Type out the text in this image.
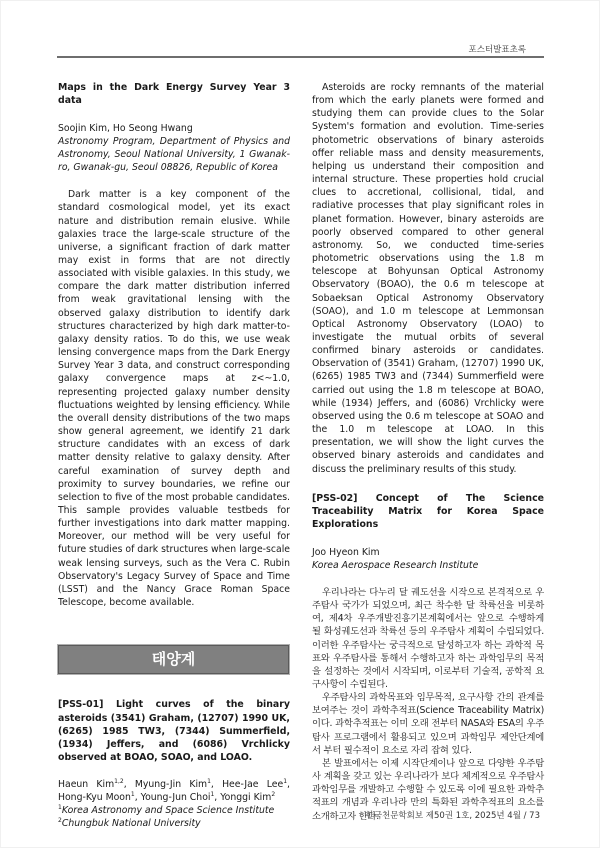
포스터발표초록

Maps in the Dark Energy Survey Year 3 data

Soojin Kim, Ho Seong Hwang

Astronomy Program, Department of Physics and Astronomy, Seoul National University, 1 Gwanak-ro, Gwanak-gu, Seoul 08826, Republic of Korea

Dark matter is a key component of the standard cosmological model, yet its exact nature and distribution remain elusive. While galaxies trace the large-scale structure of the universe, a significant fraction of dark matter may exist in forms that are not directly associated with visible galaxies. In this study, we compare the dark matter distribution inferred from weak gravitational lensing with the observed galaxy distribution to identify dark structures characterized by high dark matter-to-galaxy density ratios. To do this, we use weak lensing convergence maps from the Dark Energy Survey Year 3 data, and construct corresponding galaxy convergence maps at z<~1.0, representing projected galaxy number density fluctuations weighted by lensing efficiency. While the overall density distributions of the two maps show general agreement, we identify 21 dark structure candidates with an excess of dark matter density relative to galaxy density. After careful examination of survey depth and proximity to survey boundaries, we refine our selection to five of the most probable candidates. This sample provides valuable testbeds for further investigations into dark matter mapping. Moreover, our method will be very useful for future studies of dark structures when large-scale weak lensing surveys, such as the Vera C. Rubin Observatory's Legacy Survey of Space and Time (LSST) and the Nancy Grace Roman Space Telescope, become available.

태양계

[PSS-01] Light curves of the binary asteroids (3541) Graham, (12707) 1990 UK, (6265) 1985 TW3, (7344) Summerfield, (1934) Jeffers, and (6086) Vrchlicky observed at BOAO, SOAO, and LOAO.

Haeun Kim$^{1,2}$, Myung-Jin Kim$^1$, Hee-Jae Lee$^1$, Hong-Kyu Moon$^1$, Young-Jun Choi$^1$, Yonggi Kim$^2$

$^1$Korea Astronomy and Space Science Institute

$^2$Chungbuk National University

Asteroids are rocky remnants of the material from which the early planets were formed and studying them can provide clues to the Solar System's formation and evolution. Time-series photometric observations of binary asteroids offer reliable mass and density measurements, helping us understand their composition and internal structure. These properties hold crucial clues to accretional, collisional, tidal, and radiative processes that play significant roles in planet formation. However, binary asteroids are poorly observed compared to other general astronomy. So, we conducted time-series photometric observations using the 1.8 m telescope at Bohyunsan Optical Astronomy Observatory (BOAO), the 0.6 m telescope at Sobaeksan Optical Astronomy Observatory (SOAO), and 1.0 m telescope at Lemmonsan Optical Astronomy Observatory (LOAO) to investigate the mutual orbits of several confirmed binary asteroids or candidates. Observation of (3541) Graham, (12707) 1990 UK, (6265) 1985 TW3 and (7344) Summerfield were carried out using the 1.8 m telescope at BOAO, while (1934) Jeffers, and (6086) Vrchlicky were observed using the 0.6 m telescope at SOAO and the 1.0 m telescope at LOAO. In this presentation, we will show the light curves the observed binary asteroids and candidates and discuss the preliminary results of this study.

[PSS-02] Concept of The Science Traceability Matrix for Korea Space Explorations

Joo Hyeon Kim

Korea Aerospace Research Institute

우리나라는 다누리 달 궤도선을 시작으로 본격적으로 우주탐사 국가가 되었으며, 최근 착수한 달 착륙선을 비롯하여, 제4차 우주개발진흥기본계획에서는 앞으로 수행하게 될 화성궤도선과 착륙선 등의 우주탐사 계획이 수립되었다. 이러한 우주탐사는 궁극적으로 달성하고자 하는 과학적 목표와 우주탐사를 통해서 수행하고자 하는 과학임무의 목적을 설정하는 것에서 시작되며, 이로부터 기술적, 공학적 요구사항이 수립된다.

우주탐사의 과학목표와 임무목적, 요구사항 간의 관계를 보여주는 것이 과학추적표(Science Traceability Matrix)이다. 과학추적표는 이미 오래 전부터 NASA와 ESA의 우주탐사 프로그램에서 활용되고 있으며 과학임무 제안단계에서 부터 필수적이 요소로 자리 잡혀 있다.

본 발표에서는 이제 시작단계이나 앞으로 다양한 우주탐사 계획을 갖고 있는 우리나라가 보다 체계적으로 우주탐사 과학임무를 개발하고 수행할 수 있도록 이에 필요한 과학추적표의 개념과 우리나라 만의 특화된 과학추적표의 요소를 소개하고자 한다.

한국천문학회보 제50권 1호, 2025년 4월 / 73
